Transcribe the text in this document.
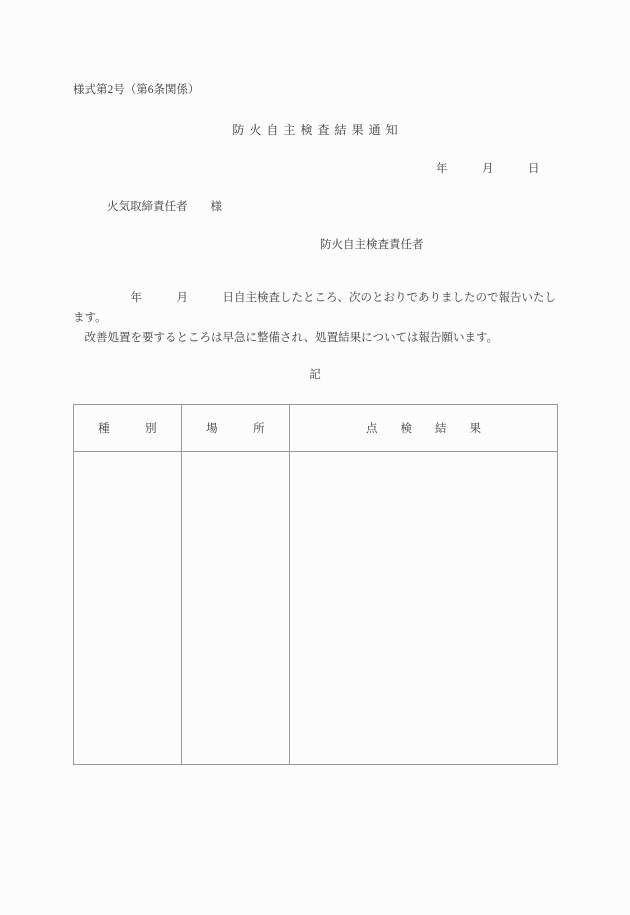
様式第2号（第6条関係）
防火自主検査結果通知
年　　　月　　　日
火気取締責任者　　様
防火自主検査責任者

　　　　　年　　　月　　　日自主検査したところ、次のとおりでありましたので報告いたします。

　改善処置を要するところは早急に整備され、処置結果については報告願います。

記
種　　　別	場　　　所	点　　検　　結　　果
